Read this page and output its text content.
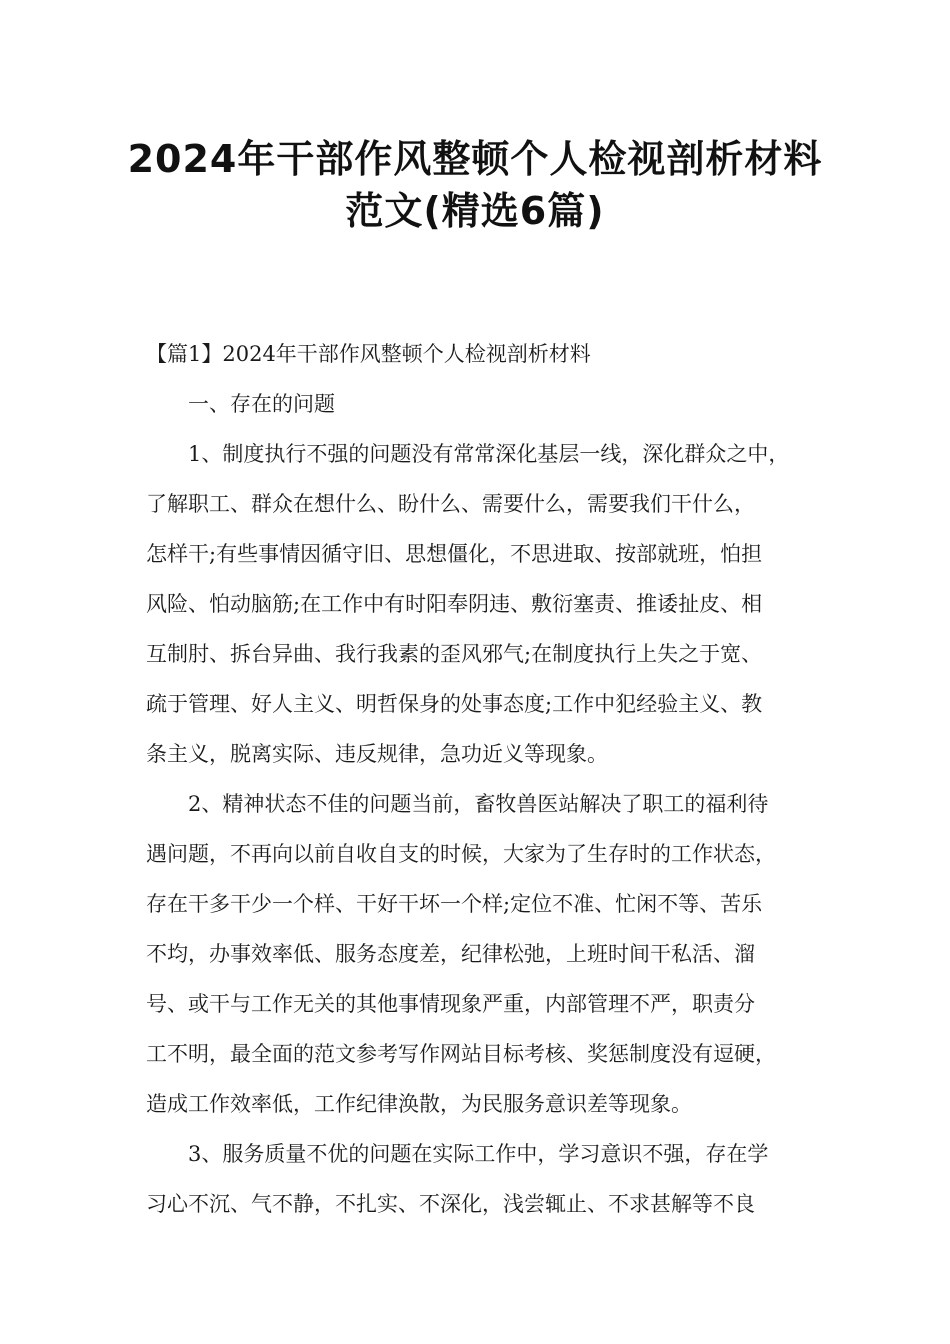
2024年干部作风整顿个人检视剖析材料
范文(精选6篇)
【篇1】2024年干部作风整顿个人检视剖析材料
一、存在的问题
1、制度执行不强的问题没有常常深化基层一线，深化群众之中，
了解职工、群众在想什么、盼什么、需要什么，需要我们干什么，
怎样干;有些事情因循守旧、思想僵化，不思进取、按部就班，怕担
风险、怕动脑筋;在工作中有时阳奉阴违、敷衍塞责、推诿扯皮、相
互制肘、拆台异曲、我行我素的歪风邪气;在制度执行上失之于宽、
疏于管理、好人主义、明哲保身的处事态度;工作中犯经验主义、教
条主义，脱离实际、违反规律，急功近义等现象。
2、精神状态不佳的问题当前，畜牧兽医站解决了职工的福利待
遇问题，不再向以前自收自支的时候，大家为了生存时的工作状态，
存在干多干少一个样、干好干坏一个样;定位不准、忙闲不等、苦乐
不均，办事效率低、服务态度差，纪律松弛，上班时间干私活、溜
号、或干与工作无关的其他事情现象严重，内部管理不严，职责分
工不明，最全面的范文参考写作网站目标考核、奖惩制度没有逗硬，
造成工作效率低，工作纪律涣散，为民服务意识差等现象。
3、服务质量不优的问题在实际工作中，学习意识不强，存在学
习心不沉、气不静，不扎实、不深化，浅尝辄止、不求甚解等不良
